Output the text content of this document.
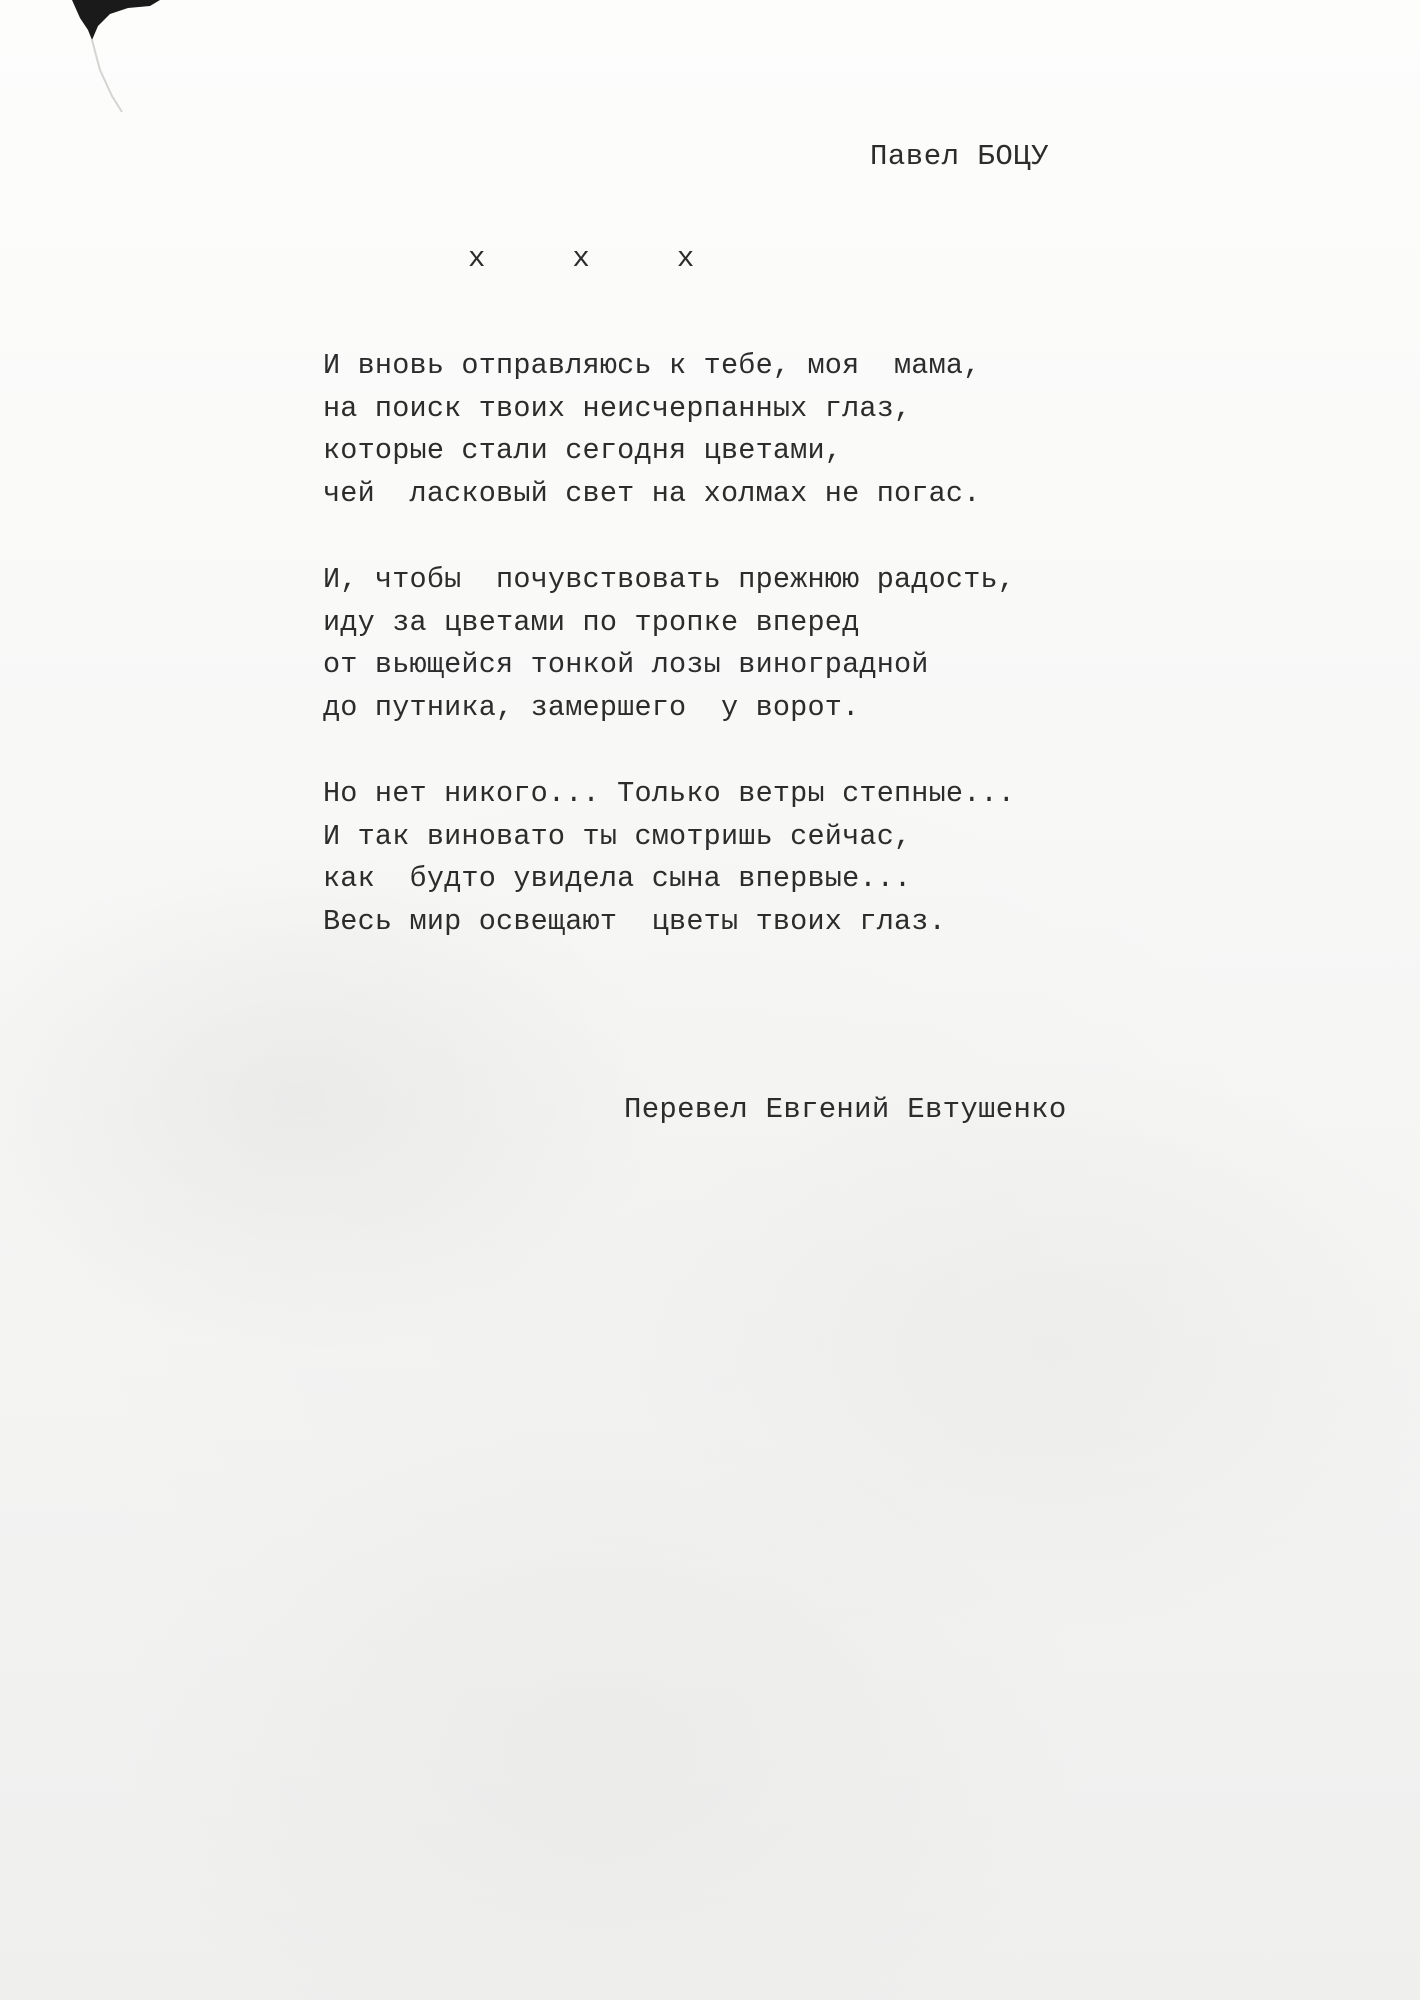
Павел БОЦУ
х     х     х
И вновь отправляюсь к тебе, моя  мама,
на поиск твоих неисчерпанных глаз,
которые стали сегодня цветами,
чей  ласковый свет на холмах не погас.
И, чтобы  почувствовать прежнюю радость,
иду за цветами по тропке вперед
от вьющейся тонкой лозы виноградной
до путника, замершего  у ворот.
Но нет никого... Только ветры степные...
И так виновато ты смотришь сейчас,
как  будто увидела сына впервые...
Весь мир освещают  цветы твоих глаз.
Перевел Евгений Евтушенко
